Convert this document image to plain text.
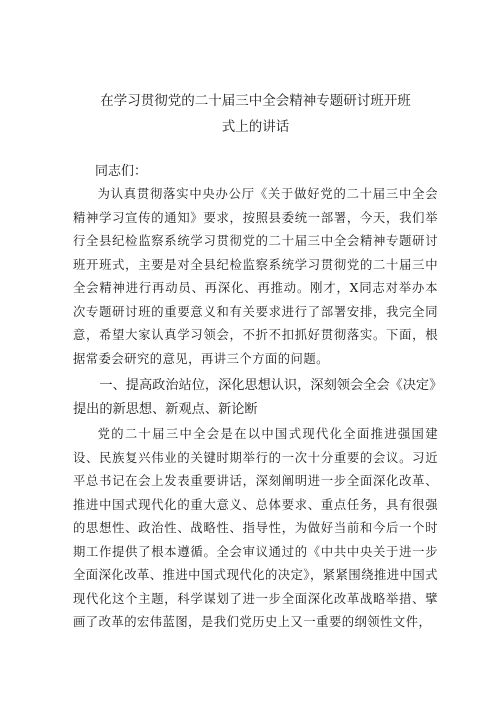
在学习贯彻党的二十届三中全会精神专题研讨班开班
式上的讲话

同志们：

为认真贯彻落实中央办公厅《关于做好党的二十届三中全会精神学习宣传的通知》要求，按照县委统一部署，今天，我们举行全县纪检监察系统学习贯彻党的二十届三中全会精神专题研讨班开班式，主要是对全县纪检监察系统学习贯彻党的二十届三中全会精神进行再动员、再深化、再推动。刚才，X同志对举办本次专题研讨班的重要意义和有关要求进行了部署安排，我完全同意，希望大家认真学习领会，不折不扣抓好贯彻落实。下面，根据常委会研究的意见，再讲三个方面的问题。

一、提高政治站位，深化思想认识，深刻领会全会《决定》提出的新思想、新观点、新论断

党的二十届三中全会是在以中国式现代化全面推进强国建设、民族复兴伟业的关键时期举行的一次十分重要的会议。习近平总书记在会上发表重要讲话，深刻阐明进一步全面深化改革、推进中国式现代化的重大意义、总体要求、重点任务，具有很强的思想性、政治性、战略性、指导性，为做好当前和今后一个时期工作提供了根本遵循。全会审议通过的《中共中央关于进一步全面深化改革、推进中国式现代化的决定》，紧紧围绕推进中国式现代化这个主题，科学谋划了进一步全面深化改革战略举措、擘画了改革的宏伟蓝图，是我们党历史上又一重要的纲领性文件，
